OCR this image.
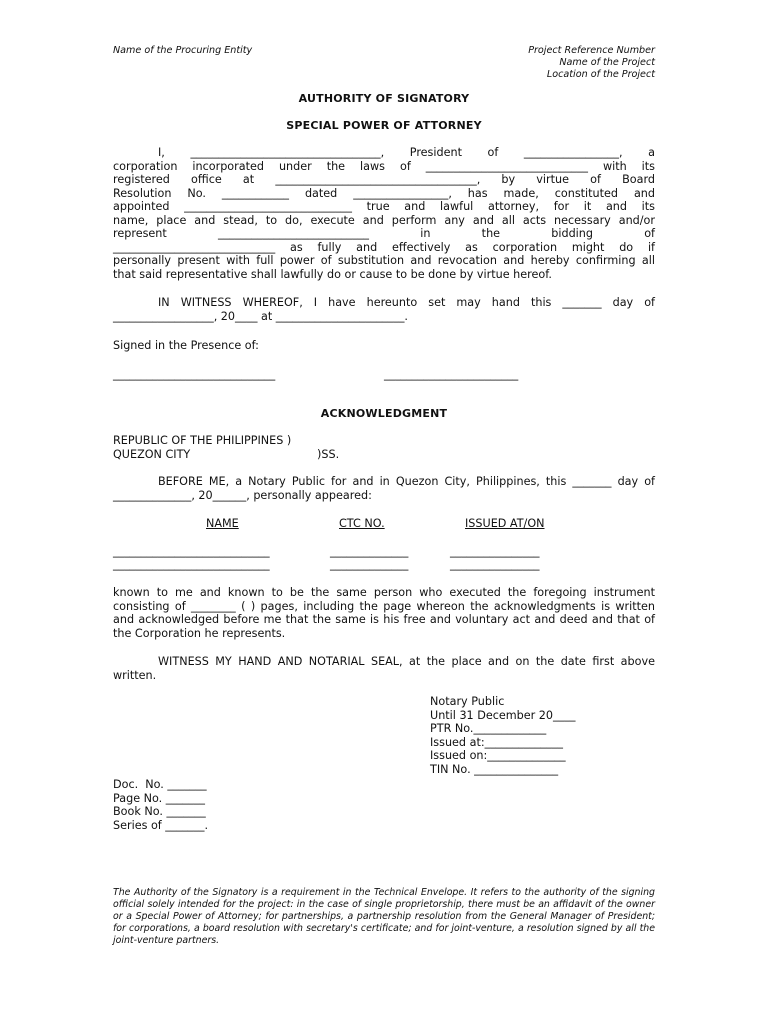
Name of the Procuring Entity	Project Reference Number
Name of the Project
Location of the Project
AUTHORITY OF SIGNATORY
SPECIAL POWER OF ATTORNEY
I, __________________________________, President of _________________, a
corporation incorporated under the laws of _____________________________ with its
registered office at ____________________________________, by virtue of Board
Resolution No. ____________ dated _________________, has made, constituted and
appointed ______________________________ true and lawful attorney, for it and its
name, place and stead, to do, execute and perform any and all acts necessary and/or
represent ___________________________ in the bidding of
_____________________________ as fully and effectively as corporation might do if
personally present with full power of substitution and revocation and hereby confirming all
that said representative shall lawfully do or cause to be done by virtue hereof.
IN WITNESS WHEREOF, I have hereunto set may hand this _______ day of
__________________, 20____ at _______________________.
Signed in the Presence of:
_____________________________	________________________
ACKNOWLEDGMENT
REPUBLIC OF THE PHILIPPINES )
QUEZON CITY	)SS.
BEFORE ME, a Notary Public for and in Quezon City, Philippines, this _______ day of
______________, 20______, personally appeared:
NAME	CTC NO.	ISSUED AT/ON
____________________________	______________	________________
____________________________	______________	________________
known to me and known to be the same person who executed the foregoing instrument
consisting of ________ ( ) pages, including the page whereon the acknowledgments is written
and acknowledged before me that the same is his free and voluntary act and deed and that of
the Corporation he represents.
WITNESS MY HAND AND NOTARIAL SEAL, at the place and on the date first above
written.
Notary Public
Until 31 December 20____
PTR No._____________
Issued at:______________
Issued on:______________
TIN No. _______________
Doc.  No. _______
Page No. _______
Book No. _______
Series of _______.
The Authority of the Signatory is a requirement in the Technical Envelope. It refers to the authority of the signing official solely intended for the project: in the case of single proprietorship, there must be an affidavit of the owner or a Special Power of Attorney; for partnerships, a partnership resolution from the General Manager of President; for corporations, a board resolution with secretary's certificate; and for joint-venture, a resolution signed by all the joint-venture partners.
